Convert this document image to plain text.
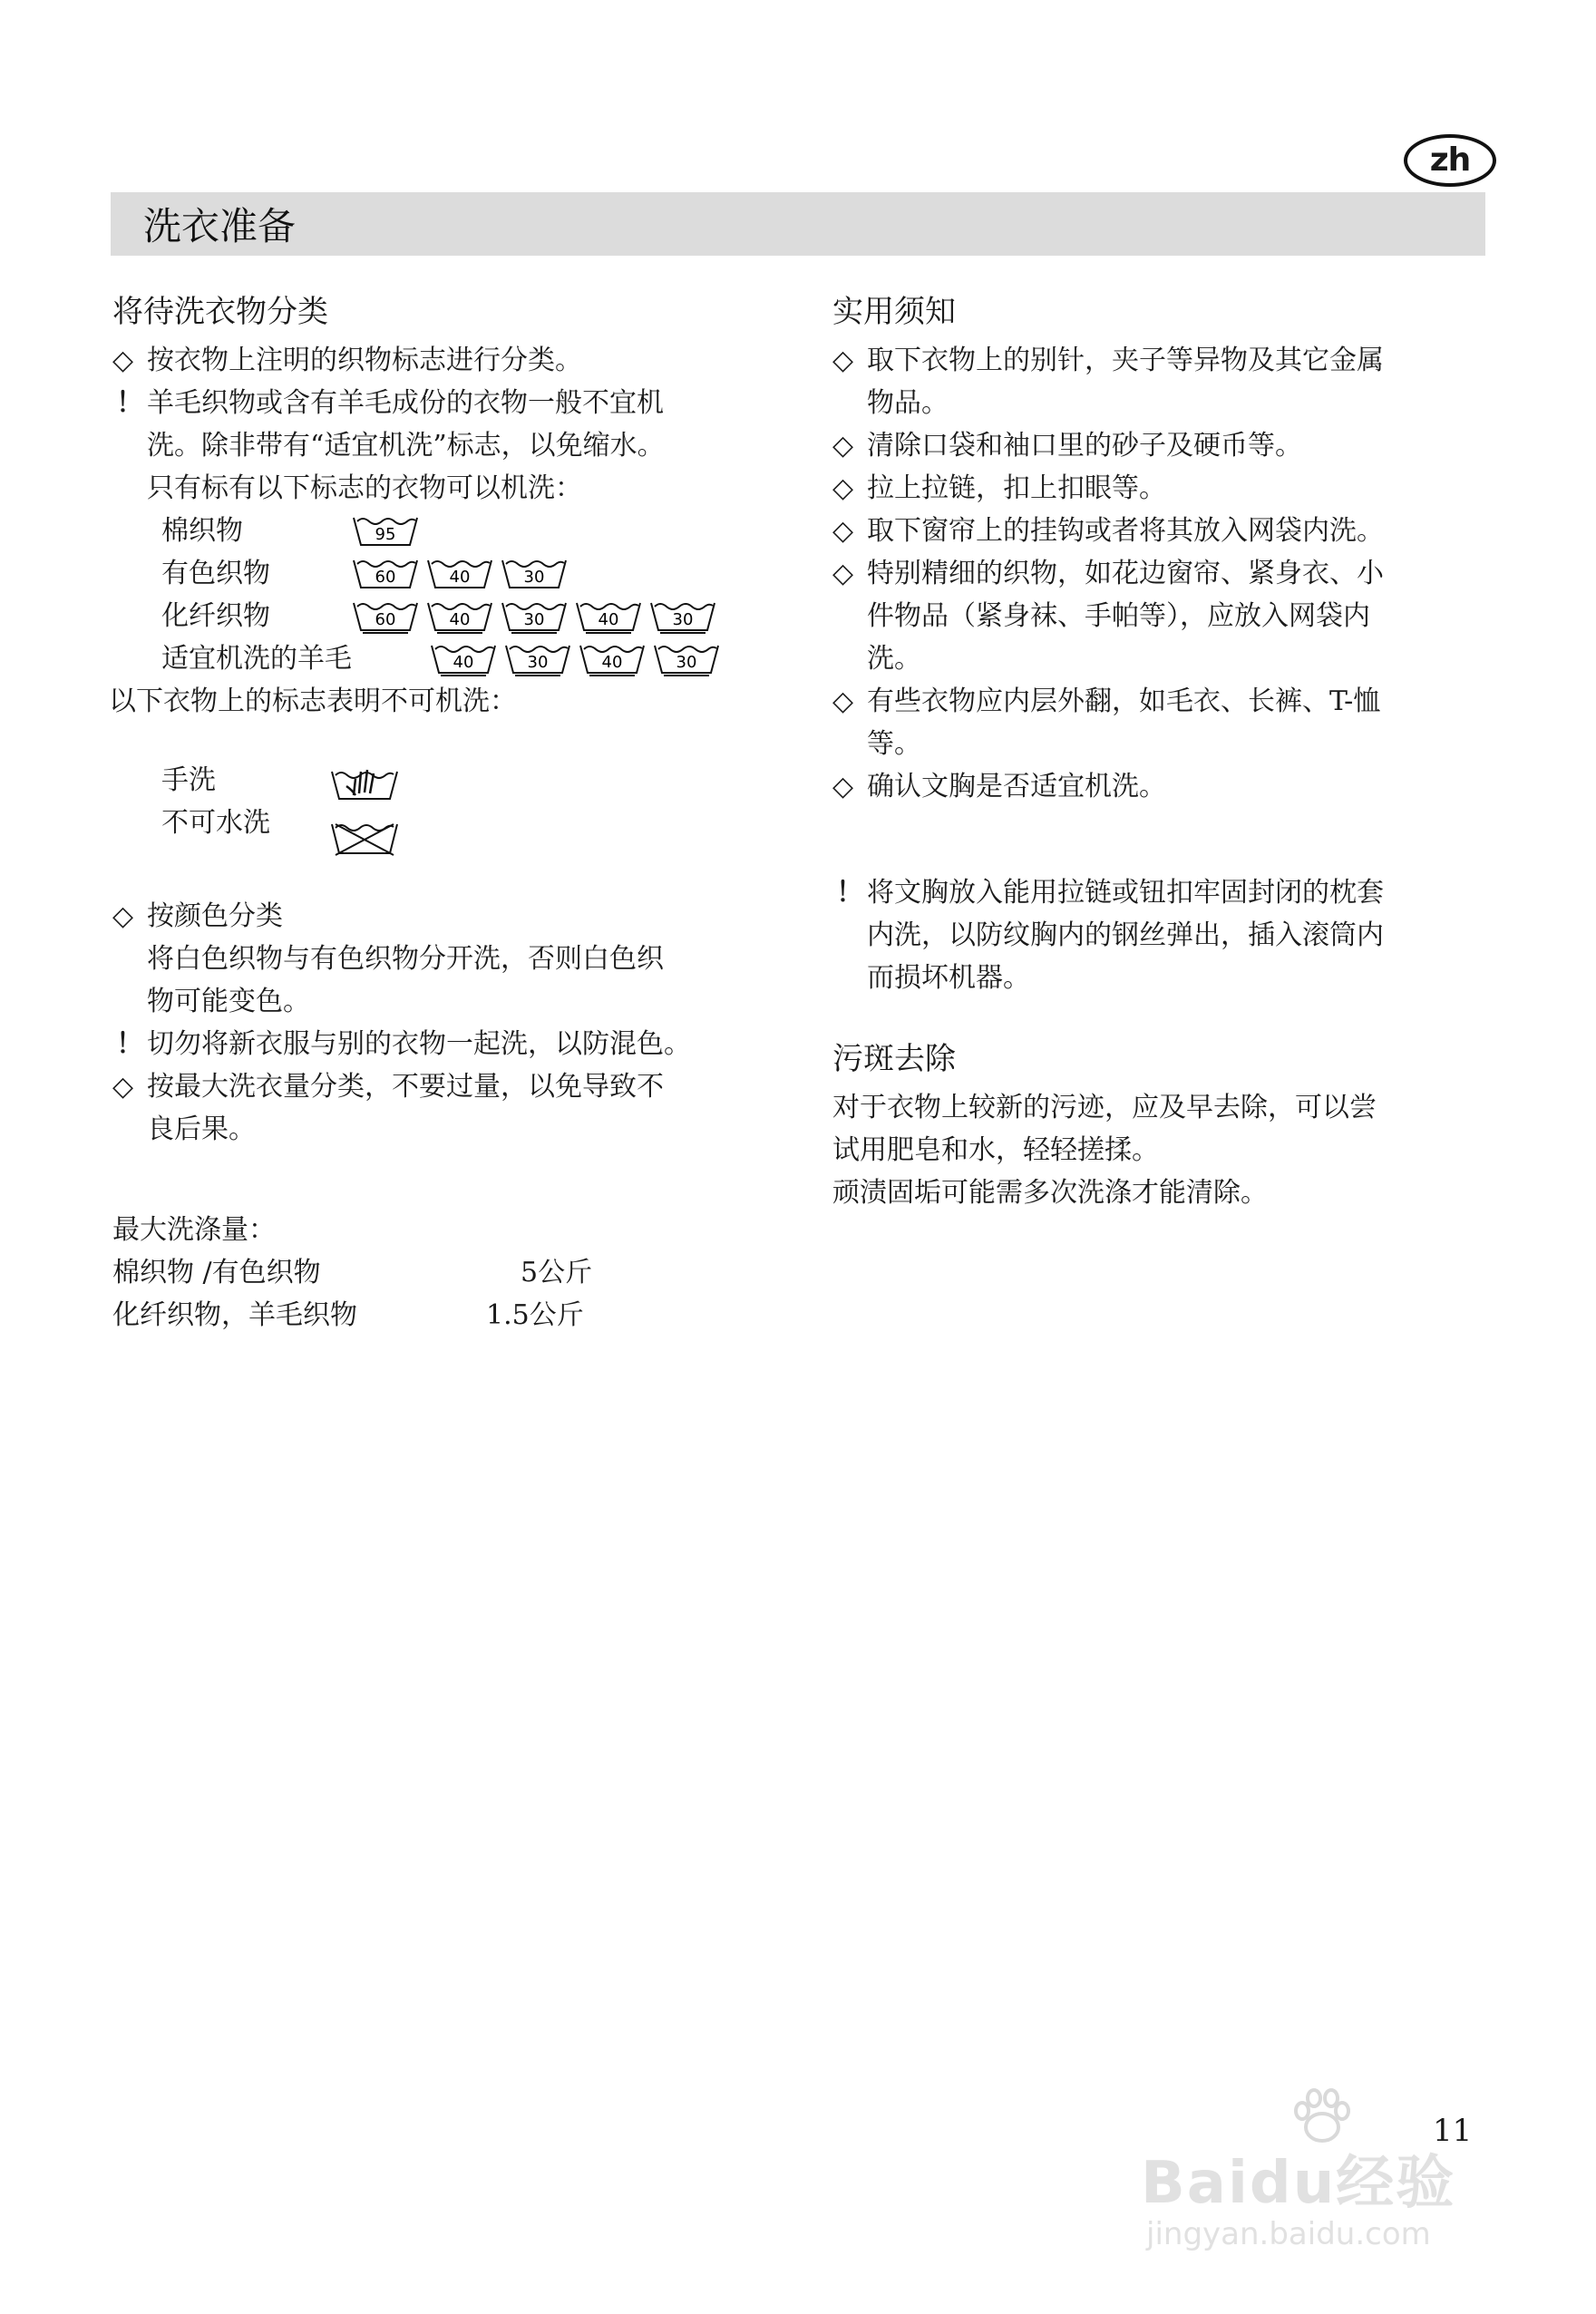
zh
洗衣准备
将待洗衣物分类
◇ 按衣物上注明的织物标志进行分类。
！ 羊毛织物或含有羊毛成份的衣物一般不宜机
洗。除非带有“适宜机洗”标志，以免缩水。
只有标有以下标志的衣物可以机洗：
棉织物	95
有色织物	60	40	30
化纤织物	60	40	30	40	30
适宜机洗的羊毛	40	30	40	30
以下衣物上的标志表明不可机洗：
手洗
不可水洗
◇ 按颜色分类
将白色织物与有色织物分开洗，否则白色织
物可能变色。
！ 切勿将新衣服与别的衣物一起洗，以防混色。
◇ 按最大洗衣量分类，不要过量，以免导致不
良后果。
最大洗涤量：
棉织物 /有色织物	5公斤
化纤织物，羊毛织物	1.5公斤
实用须知
◇ 取下衣物上的别针，夹子等异物及其它金属
物品。
◇ 清除口袋和袖口里的砂子及硬币等。
◇ 拉上拉链，扣上扣眼等。
◇ 取下窗帘上的挂钩或者将其放入网袋内洗。
◇ 特别精细的织物，如花边窗帘、紧身衣、小
件物品（紧身袜、手帕等），应放入网袋内
洗。
◇ 有些衣物应内层外翻，如毛衣、长裤、T-恤
等。
◇ 确认文胸是否适宜机洗。
！ 将文胸放入能用拉链或钮扣牢固封闭的枕套
内洗，以防纹胸内的钢丝弹出，插入滚筒内
而损坏机器。
污斑去除
对于衣物上较新的污迹，应及早去除，可以尝
试用肥皂和水，轻轻搓揉。
顽渍固垢可能需多次洗涤才能清除。
Baidu经验
jingyan.baidu.com
11
